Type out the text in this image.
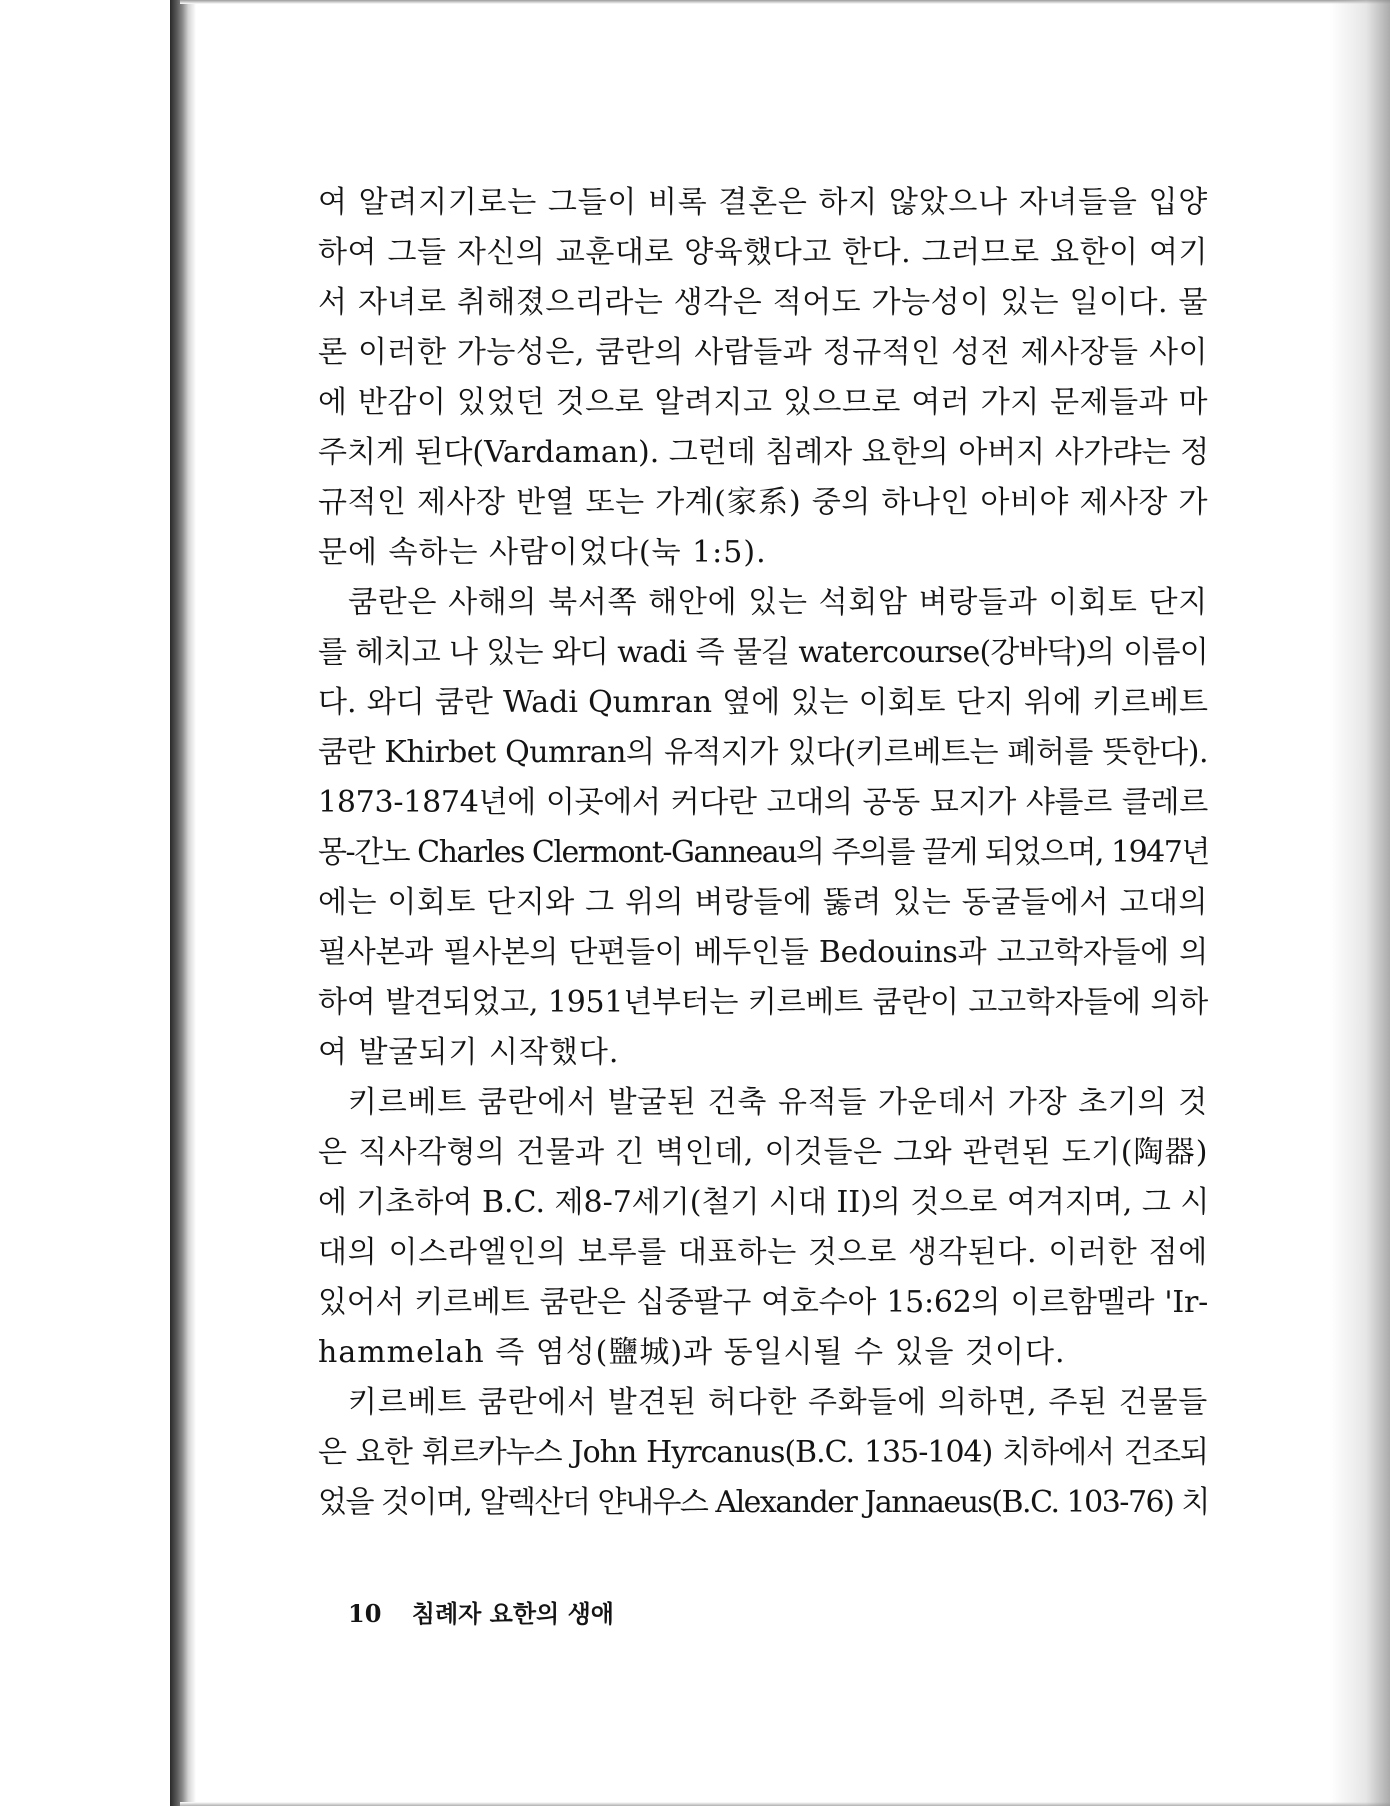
여 알려지기로는 그들이 비록 결혼은 하지 않았으나 자녀들을 입양
하여 그들 자신의 교훈대로 양육했다고 한다. 그러므로 요한이 여기
서 자녀로 취해졌으리라는 생각은 적어도 가능성이 있는 일이다. 물
론 이러한 가능성은, 쿰란의 사람들과 정규적인 성전 제사장들 사이
에 반감이 있었던 것으로 알려지고 있으므로 여러 가지 문제들과 마
주치게 된다(Vardaman). 그런데 침례자 요한의 아버지 사가랴는 정
규적인 제사장 반열 또는 가계(家系) 중의 하나인 아비야 제사장 가
문에 속하는 사람이었다(눅 1:5).
쿰란은 사해의 북서쪽 해안에 있는 석회암 벼랑들과 이회토 단지
를 헤치고 나 있는 와디 wadi 즉 물길 watercourse(강바닥)의 이름이
다. 와디 쿰란 Wadi Qumran 옆에 있는 이회토 단지 위에 키르베트
쿰란 Khirbet Qumran의 유적지가 있다(키르베트는 폐허를 뜻한다).
1873-1874년에 이곳에서 커다란 고대의 공동 묘지가 샤를르 클레르
몽-간노 Charles Clermont-Ganneau의 주의를 끌게 되었으며, 1947년
에는 이회토 단지와 그 위의 벼랑들에 뚫려 있는 동굴들에서 고대의
필사본과 필사본의 단편들이 베두인들 Bedouins과 고고학자들에 의
하여 발견되었고, 1951년부터는 키르베트 쿰란이 고고학자들에 의하
여 발굴되기 시작했다.
키르베트 쿰란에서 발굴된 건축 유적들 가운데서 가장 초기의 것
은 직사각형의 건물과 긴 벽인데, 이것들은 그와 관련된 도기(陶器)
에 기초하여 B.C. 제8-7세기(철기 시대 II)의 것으로 여겨지며, 그 시
대의 이스라엘인의 보루를 대표하는 것으로 생각된다. 이러한 점에
있어서 키르베트 쿰란은 십중팔구 여호수아 15:62의 이르함멜라 'Ir-
hammelah 즉 염성(鹽城)과 동일시될 수 있을 것이다.
키르베트 쿰란에서 발견된 허다한 주화들에 의하면, 주된 건물들
은 요한 휘르카누스 John Hyrcanus(B.C. 135-104) 치하에서 건조되
었을 것이며, 알렉산더 얀내우스 Alexander Jannaeus(B.C. 103-76) 치
10 침례자 요한의 생애
